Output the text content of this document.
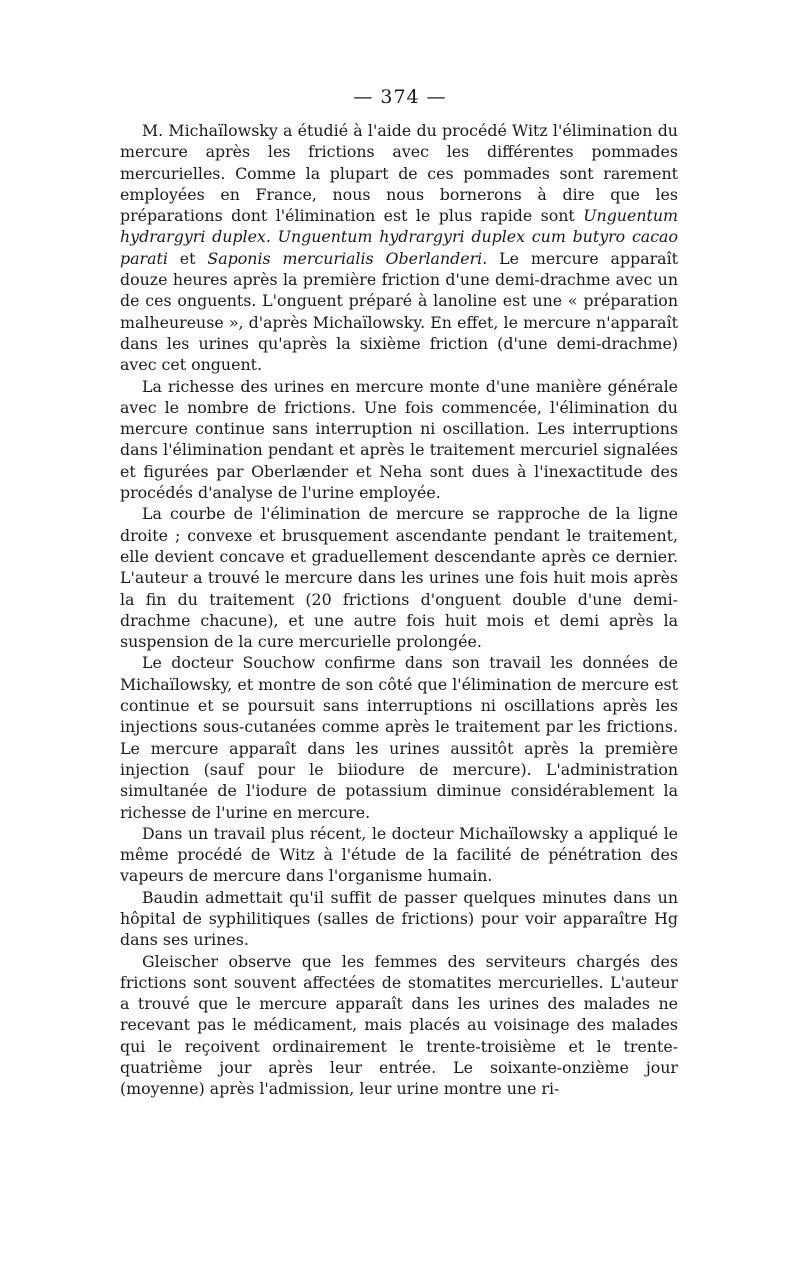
— 374 —

M. Michaïlowsky a étudié à l'aide du procédé Witz l'élimination du mercure après les frictions avec les différentes pommades mercurielles. Comme la plupart de ces pommades sont rarement employées en France, nous nous bornerons à dire que les préparations dont l'élimination est le plus rapide sont Unguentum hydrargyri duplex. Unguentum hydrargyri duplex cum butyro cacao parati et Saponis mercurialis Oberlanderi. Le mercure apparaît douze heures après la première friction d'une demi-drachme avec un de ces onguents. L'onguent préparé à lanoline est une « préparation malheureuse », d'après Michaïlowsky. En effet, le mercure n'apparaît dans les urines qu'après la sixième friction (d'une demi-drachme) avec cet onguent.

La richesse des urines en mercure monte d'une manière générale avec le nombre de frictions. Une fois commencée, l'élimination du mercure continue sans interruption ni oscillation. Les interruptions dans l'élimination pendant et après le traitement mercuriel signalées et figurées par Oberlænder et Neha sont dues à l'inexactitude des procédés d'analyse de l'urine employée.

La courbe de l'élimination de mercure se rapproche de la ligne droite ; convexe et brusquement ascendante pendant le traitement, elle devient concave et graduellement descendante après ce dernier. L'auteur a trouvé le mercure dans les urines une fois huit mois après la fin du traitement (20 frictions d'onguent double d'une demi-drachme chacune), et une autre fois huit mois et demi après la suspension de la cure mercurielle prolongée.

Le docteur Souchow confirme dans son travail les données de Michaïlowsky, et montre de son côté que l'élimination de mercure est continue et se poursuit sans interruptions ni oscillations après les injections sous-cutanées comme après le traitement par les frictions. Le mercure apparaît dans les urines aussitôt après la première injection (sauf pour le biiodure de mercure). L'administration simultanée de l'iodure de potassium diminue considérablement la richesse de l'urine en mercure.

Dans un travail plus récent, le docteur Michaïlowsky a appliqué le même procédé de Witz à l'étude de la facilité de pénétration des vapeurs de mercure dans l'organisme humain.

Baudin admettait qu'il suffit de passer quelques minutes dans un hôpital de syphilitiques (salles de frictions) pour voir apparaître Hg dans ses urines.

Gleischer observe que les femmes des serviteurs chargés des frictions sont souvent affectées de stomatites mercurielles. L'auteur a trouvé que le mercure apparaît dans les urines des malades ne recevant pas le médicament, mais placés au voisinage des malades qui le reçoivent ordinairement le trente-troisième et le trente-quatrième jour après leur entrée. Le soixante-onzième jour (moyenne) après l'admission, leur urine montre une ri-
